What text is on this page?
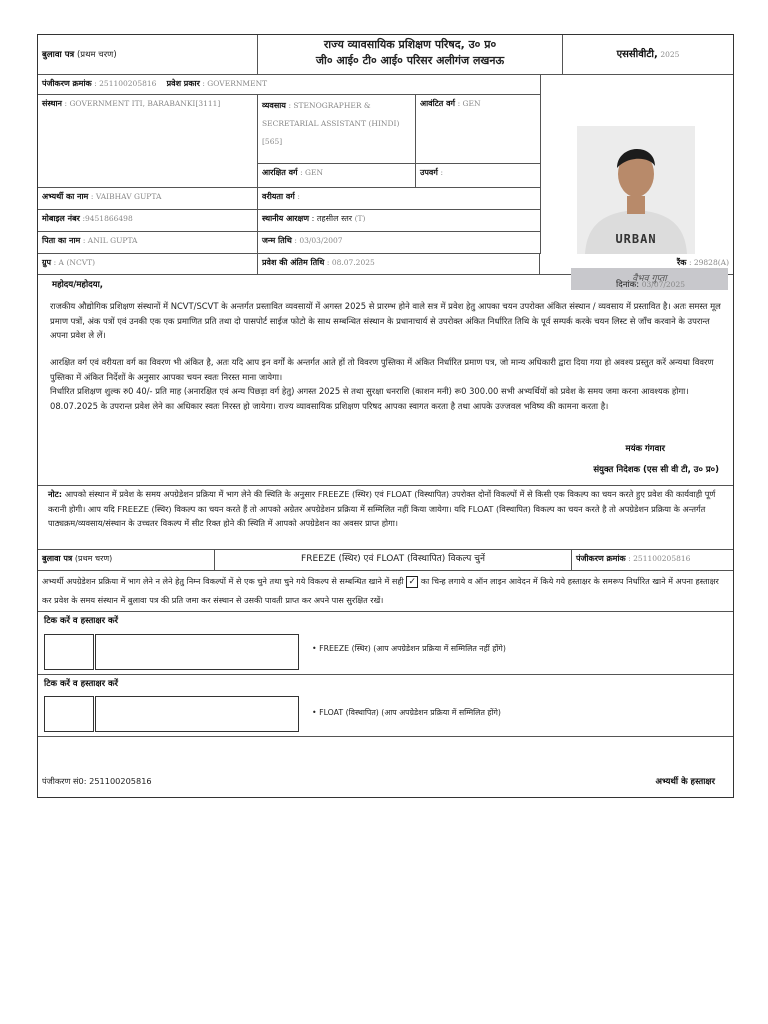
बुलावा पत्र
(प्रथम चरण)
राज्य व्यावसायिक प्रशिक्षण परिषद, उ० प्र०
जी० आई० टी० आई० परिसर अलीगंज लखनऊ	एससीवीटी,
2025
पंजीकरण क्रमांक : 251100205816 प्रवेश प्रकार : GOVERNMENT
संस्थान : GOVERNMENT ITI, BARABANKI[3111]	व्यवसाय : STENOGRAPHER & SECRETARIAL ASSISTANT (HINDI) [565]
आवंटित वर्ग : GEN
आरक्षित वर्ग : GEN	उपवर्ग :
अभ्यर्थी का नाम : VAIBHAV GUPTA	वरीयता वर्ग :
मोबाइल नंबर :9451866498	स्थानीय आरक्षण : तहसील स्तर (T)
पिता का नाम : ANIL GUPTA	जन्म तिथि : 03/03/2007
ग्रुप : A (NCVT)	प्रवेश की अंतिम तिथि : 08.07.2025	रैंक : 29828(A)
URBAN
वैभव गुप्ता
महोदय/महोदया,	दिनांक: 03/07/2025
राजकीय औद्योगिक प्रशिक्षण संस्थानों में NCVT/SCVT के अन्तर्गत प्रस्तावित व्यवसायों में अगस्त 2025 से प्रारम्भ होने वाले सत्र में प्रवेश हेतु आपका चयन उपरोक्त अंकित संस्थान / व्यवसाय में प्रस्तावित है। अतः समस्त मूल प्रमाण पत्रों, अंक पत्रों एवं उनकी एक एक प्रमाणित प्रति तथा दो पासपोर्ट साईज फोटो के साथ सम्बन्धित संस्थान के प्रधानाचार्य से उपरोक्त अंकित निर्धारित तिथि के पूर्व सम्पर्क करके चयन लिस्ट से जाँच करवाने के उपरान्त अपना प्रवेश ले लें।
आरक्षित वर्ग एवं वरीयता वर्ग का विवरण भी अंकित है, अतः यदि आप इन वर्गों के अन्तर्गत आते हों तो विवरण पुस्तिका में अंकित निर्धारित प्रमाण पत्र, जो मान्य अधिकारी द्वारा दिया गया हो अवश्य प्रस्तुत करें अन्यथा विवरण पुस्तिका में अंकित निर्देशों के अनुसार आपका चयन स्वतः निरस्त माना जायेगा।
निर्धारित प्रशिक्षण शुल्क रु0 40/- प्रति माह (अनारक्षित एवं अन्य पिछड़ा वर्ग हेतु) अगस्त 2025 से तथा सुरक्षा धनराशि (काशन मनी) रू0 300.00 सभी अभ्यर्थियों को प्रवेश के समय जमा करना आवश्यक होगा। 08.07.2025 के उपरान्त प्रवेश लेने का अधिकार स्वतः निरस्त हो जायेगा। राज्य व्यावसायिक प्रशिक्षण परिषद आपका स्वागत करता है तथा आपके उज्जवल भविष्य की कामना करता है।
मयंक गंगवार
संयुक्त निदेशक (एस सी वी टी, उ० प्र०)
नोट: आपको संस्थान में प्रवेश के समय अपग्रेडेशन प्रक्रिया में भाग लेने की स्थिति के अनुसार FREEZE (स्थिर) एवं FLOAT (विस्थापित) उपरोक्त दोनों विकल्पों में से किसी एक विकल्प का चयन करते हुए प्रवेश की कार्यवाही पूर्ण करानी होगी। आप यदि FREEZE (स्थिर) विकल्प का चयन करते हैं तो आपको अग्रेतर अपग्रेडेशन प्रक्रिया में सम्मिलित नहीं किया जायेगा। यदि FLOAT (विस्थापित) विकल्प का चयन करते है तो अपग्रेडेशन प्रक्रिया के अन्तर्गत पाठ्यक्रम/व्यवसाय/संस्थान के उच्चतर विकल्प में सीट रिक्त होने की स्थिति में आपको अपग्रेडेशन का अवसर प्राप्त होगा।
बुलावा पत्र (प्रथम चरण)	FREEZE (स्थिर) एवं FLOAT (विस्थापित) विकल्प चुनें	पंजीकरण क्रमांक : 251100205816
अभ्यर्थी अपग्रेडेशन प्रक्रिया में भाग लेने न लेने हेतु निम्न विकल्पों में से एक चुने तथा चुने गये विकल्प से सम्बन्धित खाने में सही ✓ का चिन्ह लगाये व ऑन लाइन आवेदन में किये गये हस्ताक्षर के समरूप निर्धारित खाने में अपना हस्ताक्षर कर प्रवेश के समय संस्थान में बुलावा पत्र की प्रति जमा कर संस्थान से उसकी पावती प्राप्त कर अपने पास सुरक्षित रखें।
टिक करें व हस्ताक्षर करें
• FREEZE (स्थिर) (आप अपग्रेडेशन प्रक्रिया में सम्मिलित नहीं होंगे)
टिक करें व हस्ताक्षर करें
• FLOAT (विस्थापित) (आप अपग्रेडेशन प्रक्रिया में सम्मिलित होंगे)
पंजीकरण सं0: 251100205816	अभ्यर्थी के हस्ताक्षर
